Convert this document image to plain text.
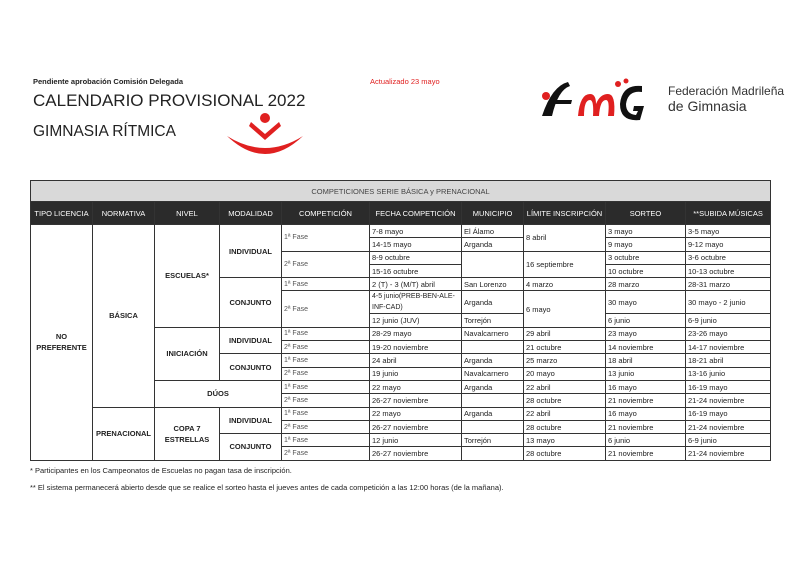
Pendiente aprobación Comisión Delegada	Actualizado 23 mayo
CALENDARIO PROVISIONAL 2022
GIMNASIA RÍTMICA
Federación Madrileña
de Gimnasia
COMPETICIONES SERIE BÁSICA y PRENACIONAL									
TIPO LICENCIA	NORMATIVA	NIVEL	MODALIDAD	COMPETICIÓN	FECHA COMPETICIÓN	MUNICIPIO	LÍMITE INSCRIPCIÓN	SORTEO	**SUBIDA MÚSICAS
NO PREFERENTE	BÁSICA	ESCUELAS*	INDIVIDUAL	1ª Fase	7-8 mayo	El Álamo	8 abril	3 mayo	3-5 mayo
					14-15 mayo	Arganda		9 mayo	9-12 mayo
				2ª Fase	8-9 octubre		16 septiembre	3 octubre	3-6 octubre
					15-16 octubre			10 octubre	10-13 octubre
			CONJUNTO	1ª Fase	2 (T) - 3 (M/T) abril	San Lorenzo	4 marzo	28 marzo	28-31 marzo
				2ª Fase	4-5 junio(PREB-BEN-ALE-INF-CAD)	Arganda	6 mayo	30 mayo	30 mayo - 2 junio
					12 junio (JUV)	Torrejón		6 junio	6-9 junio
		INICIACIÓN	INDIVIDUAL	1ª Fase	28-29 mayo	Navalcarnero	29 abril	23 mayo	23-26 mayo
				2ª Fase	19-20 noviembre		21 octubre	14 noviembre	14-17 noviembre
			CONJUNTO	1ª Fase	24 abril	Arganda	25 marzo	18 abril	18-21 abril
				2ª Fase	19 junio	Navalcarnero	20 mayo	13 junio	13-16 junio
		DÚOS		1ª Fase	22 mayo	Arganda	22 abril	16 mayo	16-19 mayo
				2ª Fase	26-27 noviembre		28 octubre	21 noviembre	21-24 noviembre
	PRENACIONAL	COPA 7 ESTRELLAS	INDIVIDUAL	1ª Fase	22 mayo	Arganda	22 abril	16 mayo	16-19 mayo
				2ª Fase	26-27 noviembre		28 octubre	21 noviembre	21-24 noviembre
			CONJUNTO	1ª Fase	12 junio	Torrejón	13 mayo	6 junio	6-9 junio
				2ª Fase	26-27 noviembre		28 octubre	21 noviembre	21-24 noviembre
* Participantes en los Campeonatos de Escuelas no pagan tasa de inscripción.
** El sistema permanecerá abierto desde que se realice el sorteo hasta el jueves antes de cada competición a las 12:00 horas (de la mañana).
